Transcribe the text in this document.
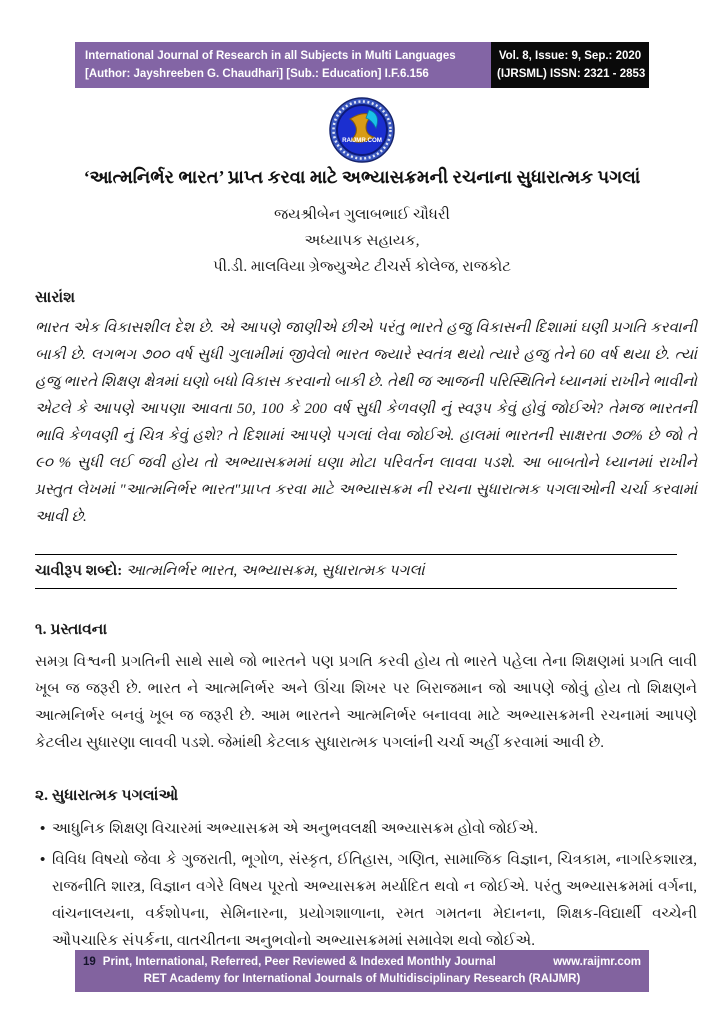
International Journal of Research in all Subjects in Multi Languages
[Author: Jayshreeben G. Chaudhari] [Sub.: Education] I.F.6.156
Vol. 8, Issue: 9, Sep.: 2020
(IJRSML) ISSN: 2321 - 2853
RAIJMR.COM
‘આત્મનિર્ભર ભારત’ પ્રાપ્ત કરવા માટે અભ્યાસક્રમની રચનાના સુધારાત્મક પગલાં
જયશ્રીબેન ગુલાબભાઈ ચૌધરી
અધ્યાપક સહાયક,
પી.ડી. માલવિયા ગ્રેજ્યુએટ ટીચર્સ કોલેજ, રાજકોટ
સારાંશ
ભારત એક વિકાસશીલ દેશ છે. એ આપણે જાણીએ છીએ પરંતુ ભારતે હજુ વિકાસની દિશામાં ઘણી પ્રગતિ કરવાની બાકી છે. લગભગ ૭૦૦ વર્ષ સુધી ગુલામીમાં જીવેલો ભારત જ્યારે સ્વતંત્ર થયો ત્યારે હજુ તેને 60 વર્ષ થયા છે. ત્યાં હજુ ભારતે શિક્ષણ ક્ષેત્રમાં ઘણો બધો વિકાસ કરવાનો બાકી છે. તેથી જ આજની પરિસ્થિતિને ધ્યાનમાં રાખીને ભાવીનો એટલે કે આપણે આપણા આવતા 50, 100 કે 200 વર્ષ સુધી કેળવણી નું સ્વરૂપ કેવું હોવું જોઈએ? તેમજ ભારતની ભાવિ કેળવણી નું ચિત્ર કેવું હશે? તે દિશામાં આપણે પગલાં લેવા જોઈએ. હાલમાં ભારતની સાક્ષરતા ૭૦% છે જો તે ૯૦ % સુધી લઈ જવી હોય તો અભ્યાસક્રમમાં ઘણા મોટા પરિવર્તન લાવવા પડશે. આ બાબતોને ધ્યાનમાં રાખીને પ્રસ્તુત લેખમાં "આત્મનિર્ભર ભારત"પ્રાપ્ત કરવા માટે અભ્યાસક્રમ ની રચના સુધારાત્મક પગલાઓની ચર્ચા કરવામાં આવી છે.
ચાવીરૂપ શબ્દો: આત્મનિર્ભર ભારત, અભ્યાસક્રમ, સુધારાત્મક પગલાં
૧. પ્રસ્તાવના
સમગ્ર વિશ્વની પ્રગતિની સાથે સાથે જો ભારતને પણ પ્રગતિ કરવી હોય તો ભારતે પહેલા તેના શિક્ષણમાં પ્રગતિ લાવી ખૂબ જ જરૂરી છે. ભારત ને આત્મનિર્ભર અને ઊંચા શિખર પર બિરાજમાન જો આપણે જોવું હોય તો શિક્ષણને આત્મનિર્ભર બનવું ખૂબ જ જરૂરી છે. આમ ભારતને આત્મનિર્ભર બનાવવા માટે અભ્યાસક્રમની રચનામાં આપણે કેટલીય સુધારણા લાવવી પડશે. જેમાંથી કેટલાક સુધારાત્મક પગલાંની ચર્ચા અહીં કરવામાં આવી છે.
૨. સુધારાત્મક પગલાંઓ
• આધુનિક શિક્ષણ વિચારમાં અભ્યાસક્રમ એ અનુભવલક્ષી અભ્યાસક્રમ હોવો જોઈએ.
• વિવિધ વિષયો જેવા કે ગુજરાતી, ભૂગોળ, સંસ્કૃત, ઈતિહાસ, ગણિત, સામાજિક વિજ્ઞાન, ચિત્રકામ, નાગરિકશાસ્ત્ર, રાજનીતિ શાસ્ત્ર, વિજ્ઞાન વગેરે વિષય પૂરતો અભ્યાસક્રમ મર્યાદિત થવો ન જોઈએ. પરંતુ અભ્યાસક્રમમાં વર્ગના, વાંચનાલયના, વર્કશોપના, સેમિનારના, પ્રયોગશાળાના, રમત ગમતના મેદાનના, શિક્ષક-વિદ્યાર્થી વચ્ચેની ઔપચારિક સંપર્કના, વાતચીતના અનુભવોનો અભ્યાસક્રમમાં સમાવેશ થવો જોઈએ.
19 Print, International, Referred, Peer Reviewed & Indexed Monthly Journal	www.raijmr.com
RET Academy for International Journals of Multidisciplinary Research (RAIJMR)
